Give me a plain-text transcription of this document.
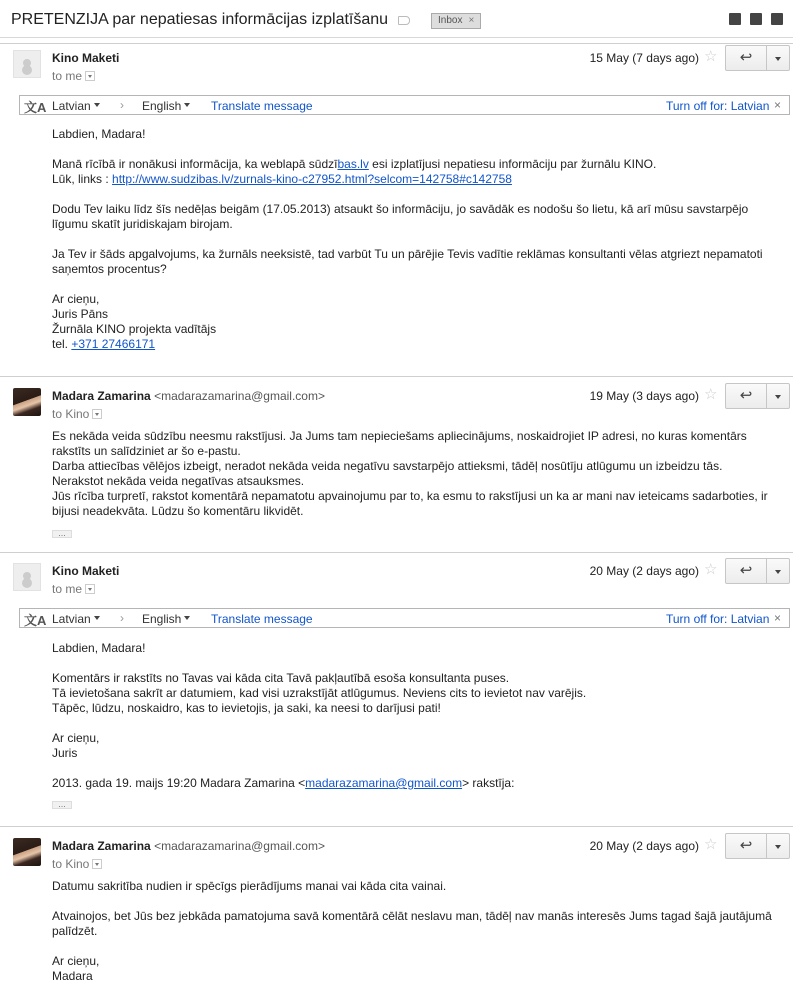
PRETENZIJA par nepatiesas informācijas izplatīšanu	Inbox ×
Kino Maketi
to me
15 May (7 days ago) ☆	↩
文A Latvian	› English	Translate message	Turn off for: Latvian ×

Labdien, Madara!

Manā rīcībā ir nonākusi informācija, ka weblapā sūdzības.lv esi izplatījusi nepatiesu informāciju par žurnālu KINO.
Lūk, links : http://www.sudzibas.lv/zurnals-kino-c27952.html?selcom=142758#c142758

Dodu Tev laiku līdz šīs nedēļas beigām (17.05.2013) atsaukt šo informāciju, jo savādāk es nodošu šo lietu, kā arī mūsu savstarpējo līgumu skatīt juridiskajam birojam.

Ja Tev ir šāds apgalvojums, ka žurnāls neeksistē, tad varbūt Tu un pārējie Tevis vadītie reklāmas konsultanti vēlas atgriezt nepamatoti saņemtos procentus?

Ar cieņu,

Juris Pāns

Žurnāla KINO projekta vadītājs

tel. +371 27466171

Madara Zamarina <madarazamarina@gmail.com>
to Kino
19 May (3 days ago) ☆	↩

Es nekāda veida sūdzību neesmu rakstījusi. Ja Jums tam nepieciešams apliecinājums, noskaidrojiet IP adresi, no kuras komentārs rakstīts un salīdziniet ar šo e-pastu.

Darba attiecības vēlējos izbeigt, neradot nekāda veida negatīvu savstarpējo attieksmi, tādēļ nosūtīju atlūgumu un izbeidzu tās.

Nerakstot nekāda veida negatīvas atsauksmes.

Jūs rīcība turpretī, rakstot komentārā nepamatotu apvainojumu par to, ka esmu to rakstījusi un ka ar mani nav ieteicams sadarboties, ir bijusi neadekvāta. Lūdzu šo komentāru likvidēt.

...
Kino Maketi
to me
20 May (2 days ago) ☆	↩
文A Latvian	› English	Translate message	Turn off for: Latvian ×

Labdien, Madara!

Komentārs ir rakstīts no Tavas vai kāda cita Tavā pakļautībā esoša konsultanta puses.

Tā ievietošana sakrīt ar datumiem, kad visi uzrakstījāt atlūgumus. Neviens cits to ievietot nav varējis.

Tāpēc, lūdzu, noskaidro, kas to ievietojis, ja saki, ka neesi to darījusi pati!

Ar cieņu,

Juris

2013. gada 19. maijs 19:20 Madara Zamarina <madarazamarina@gmail.com> rakstīja:

...
Madara Zamarina <madarazamarina@gmail.com>
to Kino
20 May (2 days ago) ☆	↩

Datumu sakritība nudien ir spēcīgs pierādījums manai vai kāda cita vainai.

Atvainojos, bet Jūs bez jebkāda pamatojuma savā komentārā cēlāt neslavu man, tādēļ nav manās interesēs Jums tagad šajā jautājumā palīdzēt.

Ar cieņu,

Madara
